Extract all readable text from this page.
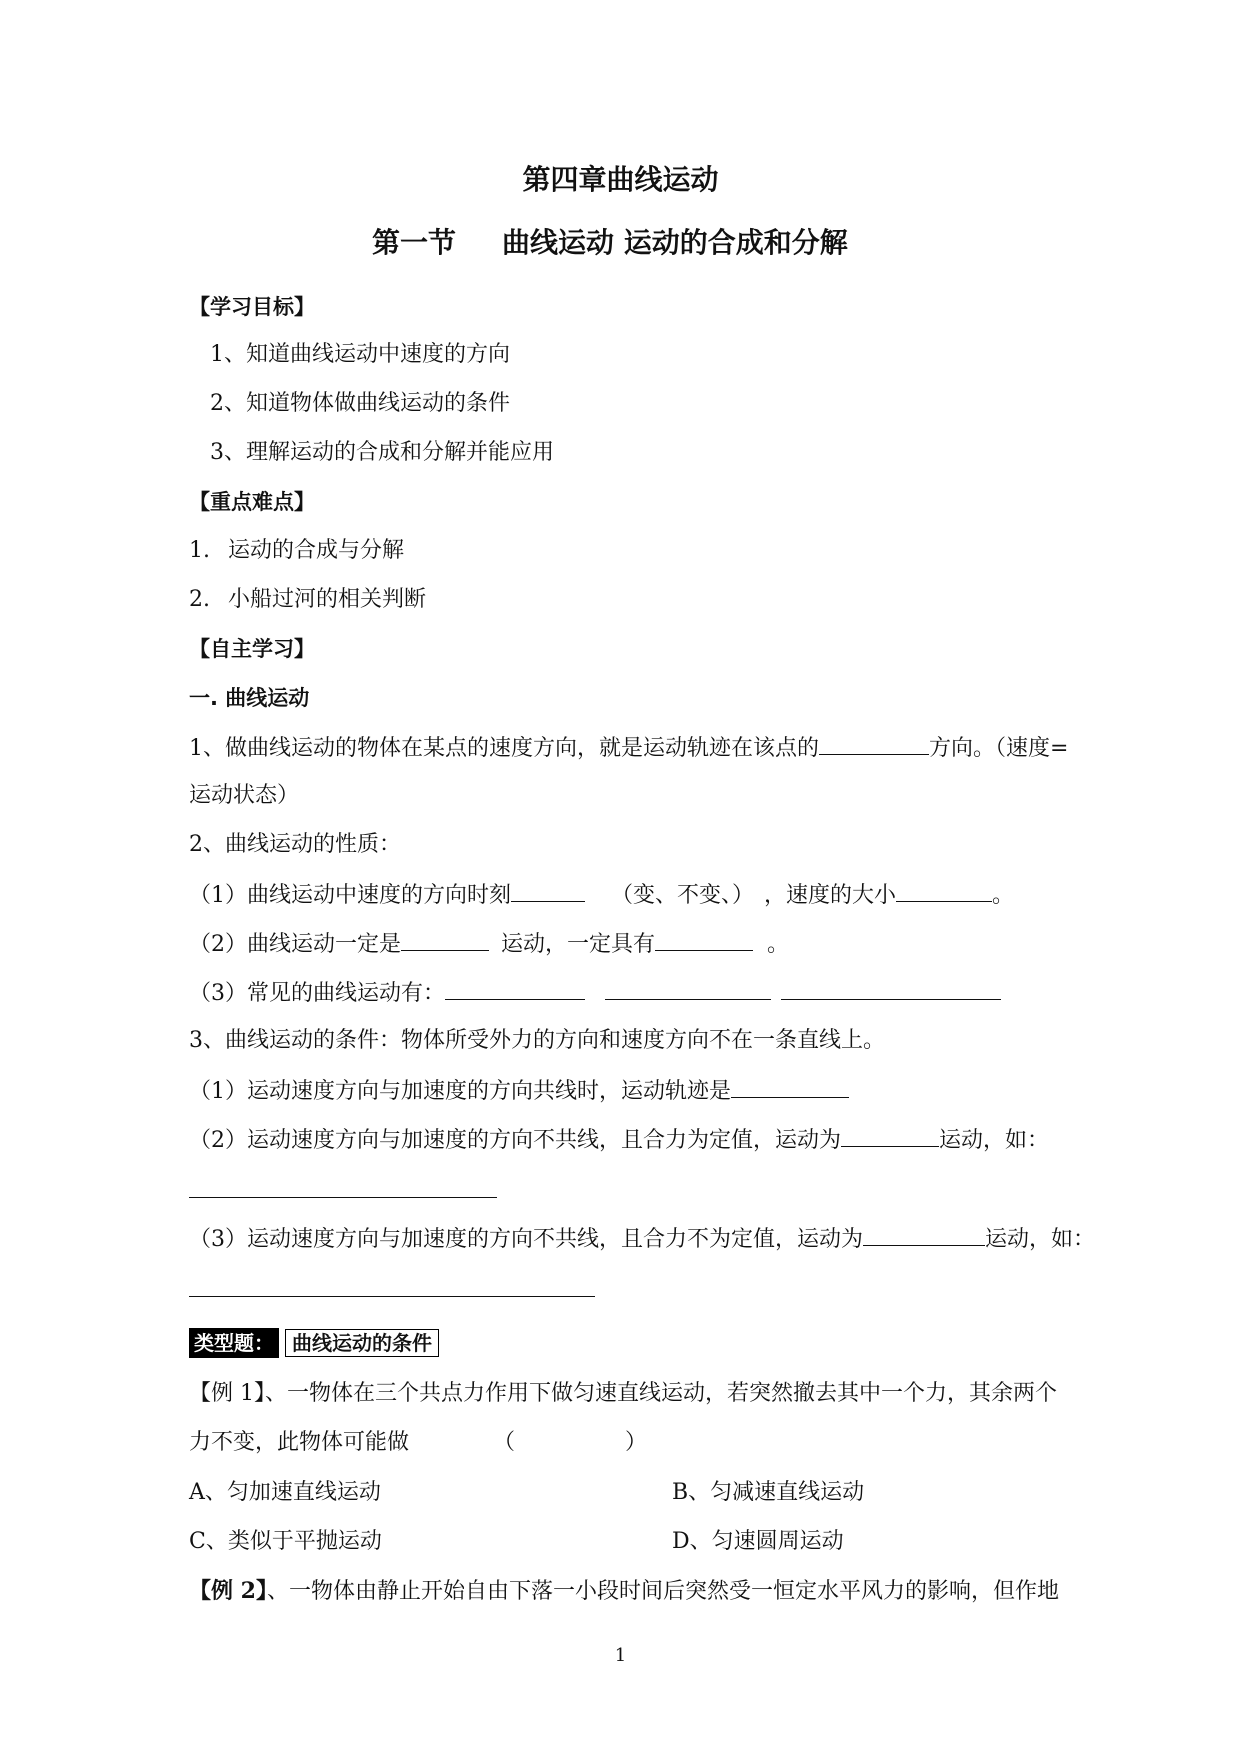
第四章曲线运动
第一节 曲线运动 运动的合成和分解
【学习目标】
1、知道曲线运动中速度的方向
2、知道物体做曲线运动的条件
3、理解运动的合成和分解并能应用
【重点难点】
1. 运动的合成与分解
2. 小船过河的相关判断
【自主学习】
一. 曲线运动
1、做曲线运动的物体在某点的速度方向，就是运动轨迹在该点的	方向。（速度=
运动状态）
2、曲线运动的性质：
（1）曲线运动中速度的方向时刻	（变、不变、） ，速度的大小	。
（2）曲线运动一定是	运动，一定具有	。
（3）常见的曲线运动有：
3、曲线运动的条件：物体所受外力的方向和速度方向不在一条直线上。
（1）运动速度方向与加速度的方向共线时，运动轨迹是
（2）运动速度方向与加速度的方向不共线，且合力为定值，运动为	运动，如：
（3）运动速度方向与加速度的方向不共线，且合力不为定值，运动为	运动，如：
类型题： 曲线运动的条件
【例 1】、一物体在三个共点力作用下做匀速直线运动，若突然撤去其中一个力，其余两个
力不变，此物体可能做	（	）
A、匀加速直线运动	B、匀减速直线运动
C、类似于平抛运动	D、匀速圆周运动
【例 2】、一物体由静止开始自由下落一小段时间后突然受一恒定水平风力的影响，但作地
1
